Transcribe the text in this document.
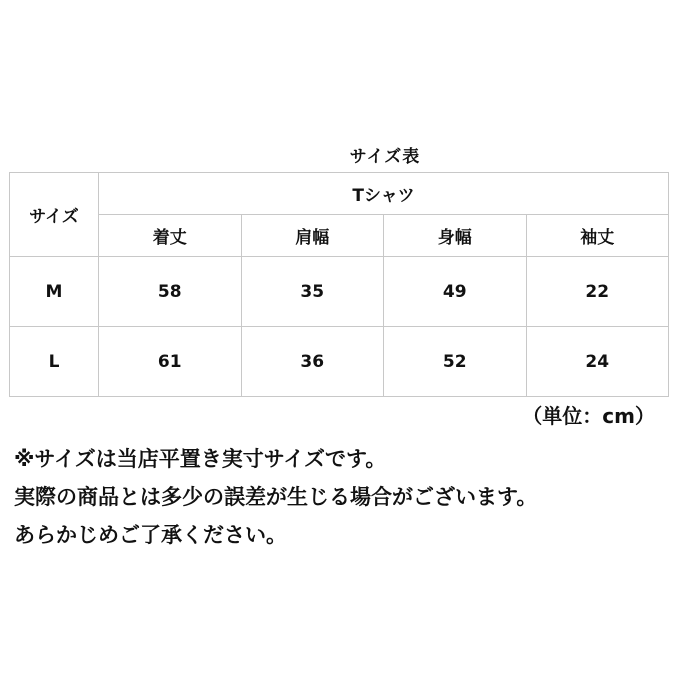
サイズ表
サイズ	Tシャツ			
	着丈	肩幅	身幅	袖丈
M	58	35	49	22
L	61	36	52	24
（単位：cm）
※サイズは当店平置き実寸サイズです。
実際の商品とは多少の誤差が生じる場合がございます。
あらかじめご了承ください。
